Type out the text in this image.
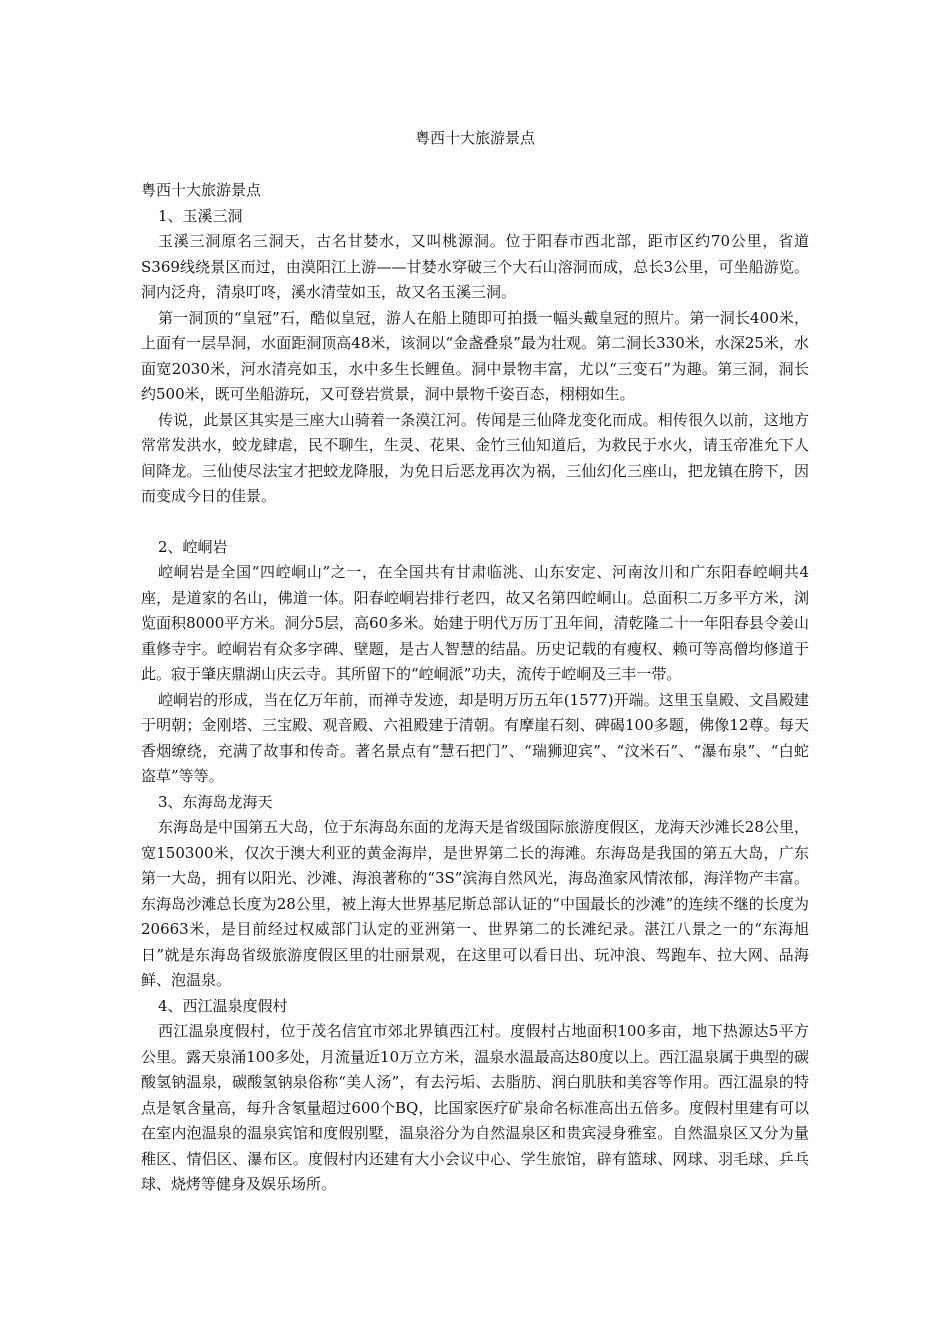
粤西十大旅游景点

粤西十大旅游景点

1、玉溪三洞

玉溪三洞原名三洞天，古名甘婪水，又叫桃源洞。位于阳春市西北部，距市区约70公里，省道S369线绕景区而过，由漠阳江上游——甘婪水穿破三个大石山溶洞而成，总长3公里，可坐船游览。洞内泛舟，清泉叮咚，溪水清莹如玉，故又名玉溪三洞。

第一洞顶的“皇冠”石，酷似皇冠，游人在船上随即可拍摄一幅头戴皇冠的照片。第一洞长400米，上面有一层旱洞，水面距洞顶高48米，该洞以“金盏叠泉”最为壮观。第二洞长330米，水深25米，水面宽2030米，河水清亮如玉，水中多生长鲤鱼。洞中景物丰富，尤以“三变石”为趣。第三洞，洞长约500米，既可坐船游玩，又可登岩赏景，洞中景物千姿百态，栩栩如生。

传说，此景区其实是三座大山骑着一条漠江河。传闻是三仙降龙变化而成。相传很久以前，这地方常常发洪水，蛟龙肆虐，民不聊生，生灵、花果、金竹三仙知道后，为救民于水火，请玉帝准允下人间降龙。三仙使尽法宝才把蛟龙降服，为免日后恶龙再次为祸，三仙幻化三座山，把龙镇在胯下，因而变成今日的佳景。

2、崆峒岩

崆峒岩是全国“四崆峒山”之一，在全国共有甘肃临洮、山东安定、河南汝川和广东阳春崆峒共4座，是道家的名山，佛道一体。阳春崆峒岩排行老四，故又名第四崆峒山。总面积二万多平方米，浏览面积8000平方米。洞分5层，高60多米。始建于明代万历丁丑年间，清乾隆二十一年阳春县令姜山重修寺宇。崆峒岩有众多字碑、壁题，是古人智慧的结晶。历史记载的有瘦权、赖可等高僧均修道于此。寂于肇庆鼎湖山庆云寺。其所留下的“崆峒派”功夫，流传于崆峒及三丰一带。

崆峒岩的形成，当在亿万年前，而禅寺发迹，却是明万历五年(1577)开端。这里玉皇殿、文昌殿建于明朝；金刚塔、三宝殿、观音殿、六祖殿建于清朝。有摩崖石刻、碑碣100多题，佛像12尊。每天香烟缭绕，充满了故事和传奇。著名景点有“慧石把门”、“瑞狮迎宾”、“汶米石”、“瀑布泉”、“白蛇盗草”等等。

3、东海岛龙海天

东海岛是中国第五大岛，位于东海岛东面的龙海天是省级国际旅游度假区，龙海天沙滩长28公里，宽150300米，仅次于澳大利亚的黄金海岸，是世界第二长的海滩。东海岛是我国的第五大岛，广东第一大岛，拥有以阳光、沙滩、海浪著称的“3S”滨海自然风光，海岛渔家风情浓郁，海洋物产丰富。东海岛沙滩总长度为28公里，被上海大世界基尼斯总部认证的“中国最长的沙滩”的连续不继的长度为20663米，是目前经过权威部门认定的亚洲第一、世界第二的长滩纪录。湛江八景之一的“东海旭日”就是东海岛省级旅游度假区里的壮丽景观，在这里可以看日出、玩冲浪、驾跑车、拉大网、品海鲜、泡温泉。

4、西江温泉度假村

西江温泉度假村，位于茂名信宜市郊北界镇西江村。度假村占地面积100多亩，地下热源达5平方公里。露天泉涌100多处，月流量近10万立方米，温泉水温最高达80度以上。西江温泉属于典型的碳酸氢钠温泉，碳酸氢钠泉俗称“美人汤”，有去污垢、去脂肪、润白肌肤和美容等作用。西江温泉的特点是氡含量高，每升含氡量超过600个BQ，比国家医疗矿泉命名标准高出五倍多。度假村里建有可以在室内泡温泉的温泉宾馆和度假别墅，温泉浴分为自然温泉区和贵宾浸身雅室。自然温泉区又分为量稚区、情侣区、瀑布区。度假村内还建有大小会议中心、学生旅馆，辟有篮球、网球、羽毛球、乒乓球、烧烤等健身及娱乐场所。
